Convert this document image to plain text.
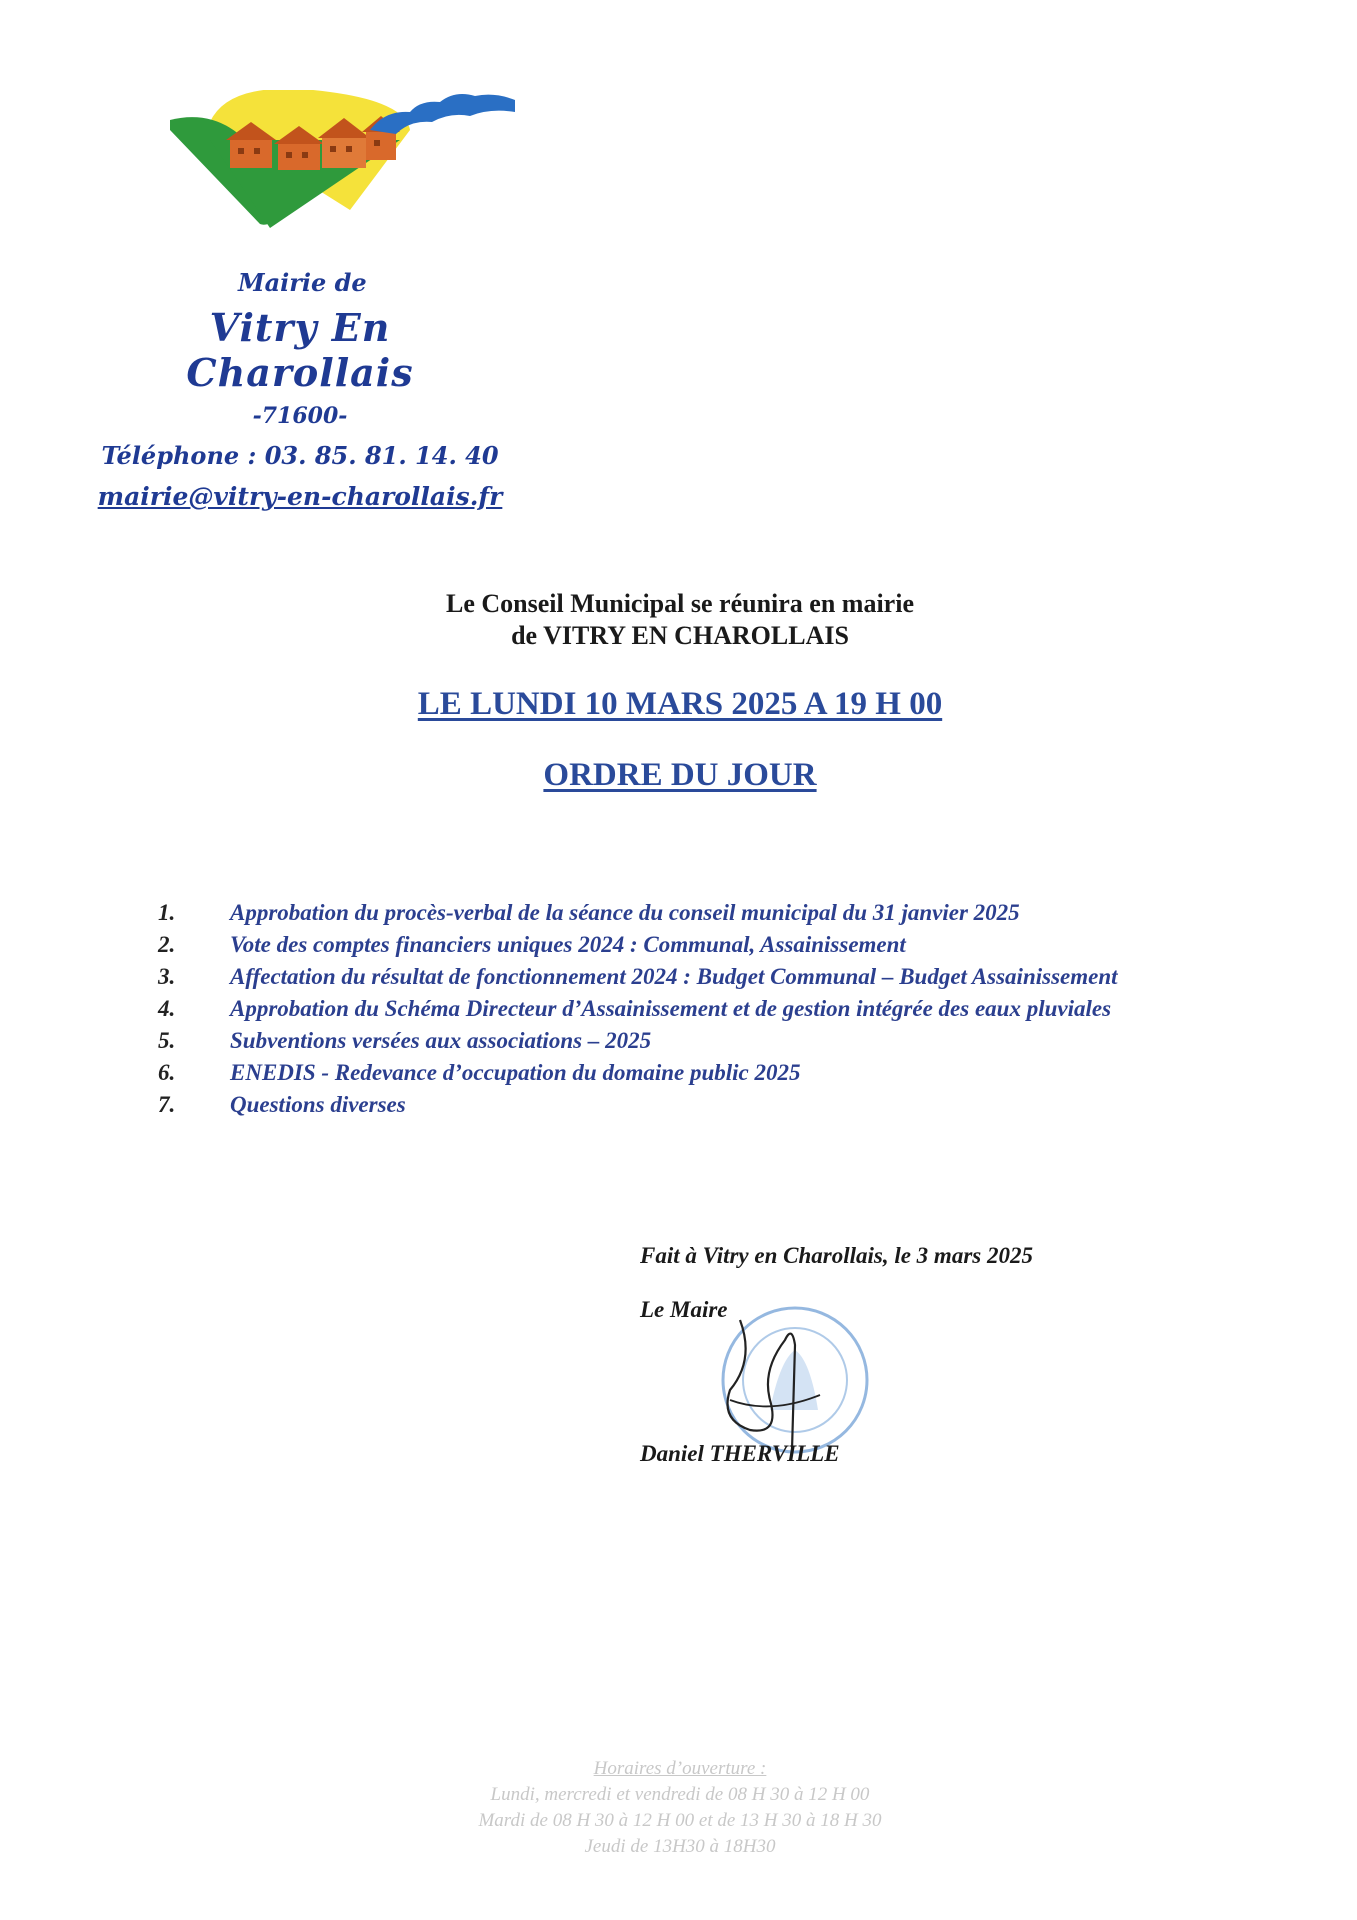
Mairie de
Vitry En Charollais
-71600-
Téléphone : 03. 85. 81. 14. 40
mairie@vitry-en-charollais.fr
Le Conseil Municipal se réunira en mairie
de VITRY EN CHAROLLAIS
LE LUNDI 10 MARS 2025 A 19 H 00
ORDRE DU JOUR
1.	Approbation du procès-verbal de la séance du conseil municipal du 31 janvier 2025
2.	Vote des comptes financiers uniques 2024 : Communal, Assainissement
3.	Affectation du résultat de fonctionnement 2024 : Budget Communal – Budget Assainissement
4.	Approbation du Schéma Directeur d’Assainissement et de gestion intégrée des eaux pluviales
5.	Subventions versées aux associations – 2025
6.	ENEDIS - Redevance d’occupation du domaine public 2025
7.	Questions diverses
Fait à Vitry en Charollais, le 3 mars 2025
Le Maire
Daniel THERVILLE
Horaires d’ouverture :
Lundi, mercredi et vendredi de 08 H 30 à 12 H 00
Mardi de 08 H 30 à 12 H 00 et de 13 H 30 à 18 H 30
Jeudi de 13H30 à 18H30
